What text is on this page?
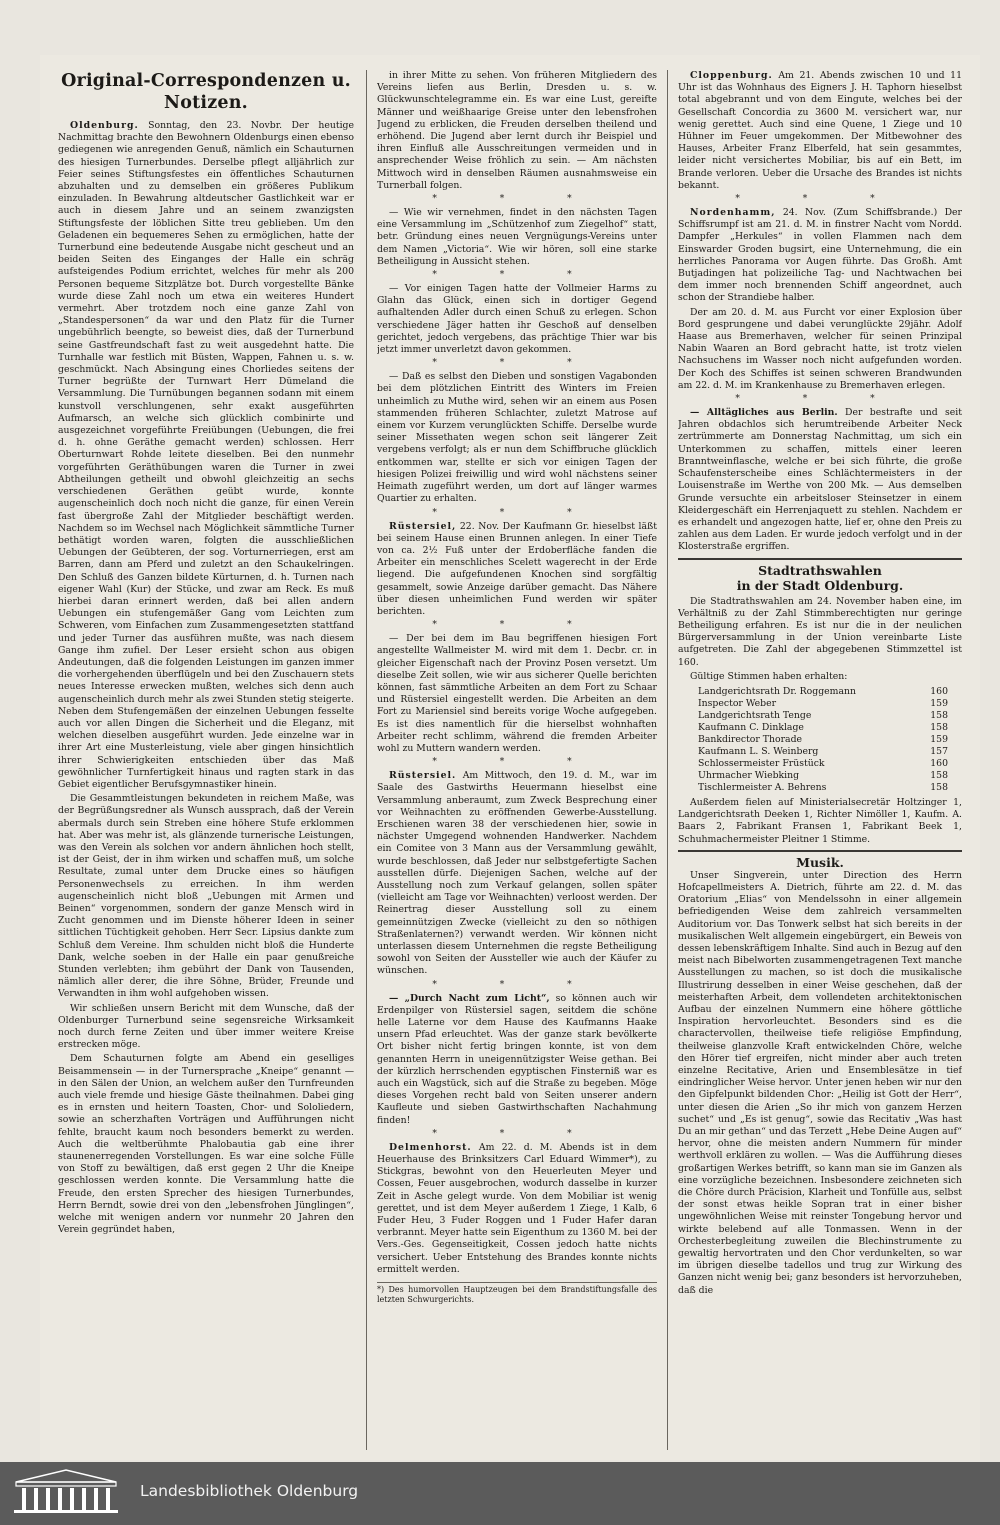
Original-Correspondenzen u. Notizen.

Oldenburg. Sonntag, den 23. Novbr. Der heutige Nachmittag brachte den Bewohnern Oldenburgs einen ebenso gediegenen wie anregenden Genuß, nämlich ein Schauturnen des hiesigen Turnerbundes. Derselbe pflegt alljährlich zur Feier seines Stiftungsfestes ein öffentliches Schauturnen abzuhalten und zu demselben ein größeres Publikum einzuladen. In Bewahrung altdeutscher Gastlichkeit war er auch in diesem Jahre und an seinem zwanzigsten Stiftungsfeste der löblichen Sitte treu geblieben. Um den Geladenen ein bequemeres Sehen zu ermöglichen, hatte der Turnerbund eine bedeutende Ausgabe nicht gescheut und an beiden Seiten des Einganges der Halle ein schräg aufsteigendes Podium errichtet, welches für mehr als 200 Personen bequeme Sitzplätze bot. Durch vorgestellte Bänke wurde diese Zahl noch um etwa ein weiteres Hundert vermehrt. Aber trotzdem noch eine ganze Zahl von „Standespersonen“ da war und den Platz für die Turner ungebührlich beengte, so beweist dies, daß der Turnerbund seine Gastfreundschaft fast zu weit ausgedehnt hatte. Die Turnhalle war festlich mit Büsten, Wappen, Fahnen u. s. w. geschmückt. Nach Absingung eines Chorliedes seitens der Turner begrüßte der Turnwart Herr Dümeland die Versammlung. Die Turnübungen begannen sodann mit einem kunstvoll verschlungenen, sehr exakt ausgeführten Aufmarsch, an welche sich glücklich combinirte und ausgezeichnet vorgeführte Freiübungen (Uebungen, die frei d. h. ohne Geräthe gemacht werden) schlossen. Herr Oberturnwart Rohde leitete dieselben. Bei den nunmehr vorgeführten Geräthübungen waren die Turner in zwei Abtheilungen getheilt und obwohl gleichzeitig an sechs verschiedenen Geräthen geübt wurde, konnte augenscheinlich doch noch nicht die ganze, für einen Verein fast übergroße Zahl der Mitglieder beschäftigt werden. Nachdem so im Wechsel nach Möglichkeit sämmtliche Turner bethätigt worden waren, folgten die ausschließlichen Uebungen der Geübteren, der sog. Vorturnerriegen, erst am Barren, dann am Pferd und zuletzt an den Schaukelringen. Den Schluß des Ganzen bildete Kürturnen, d. h. Turnen nach eigener Wahl (Kur) der Stücke, und zwar am Reck. Es muß hierbei daran erinnert werden, daß bei allen andern Uebungen ein stufengemäßer Gang vom Leichten zum Schweren, vom Einfachen zum Zusammengesetzten stattfand und jeder Turner das ausführen mußte, was nach diesem Gange ihm zufiel. Der Leser ersieht schon aus obigen Andeutungen, daß die folgenden Leistungen im ganzen immer die vorhergehenden überflügeln und bei den Zuschauern stets neues Interesse erwecken mußten, welches sich denn auch augenscheinlich durch mehr als zwei Stunden stetig steigerte. Neben dem Stufengemäßen der einzelnen Uebungen fesselte auch vor allen Dingen die Sicherheit und die Eleganz, mit welchen dieselben ausgeführt wurden. Jede einzelne war in ihrer Art eine Musterleistung, viele aber gingen hinsichtlich ihrer Schwierigkeiten entschieden über das Maß gewöhnlicher Turnfertigkeit hinaus und ragten stark in das Gebiet eigentlicher Berufsgymnastiker hinein.

Die Gesammtleistungen bekundeten in reichem Maße, was der Begrüßungsredner als Wunsch aussprach, daß der Verein abermals durch sein Streben eine höhere Stufe erklommen hat. Aber was mehr ist, als glänzende turnerische Leistungen, was den Verein als solchen vor andern ähnlichen hoch stellt, ist der Geist, der in ihm wirken und schaffen muß, um solche Resultate, zumal unter dem Drucke eines so häufigen Personenwechsels zu erreichen. In ihm werden augenscheinlich nicht bloß „Uebungen mit Armen und Beinen“ vorgenommen, sondern der ganze Mensch wird in Zucht genommen und im Dienste höherer Ideen in seiner sittlichen Tüchtigkeit gehoben. Herr Secr. Lipsius dankte zum Schluß dem Vereine. Ihm schulden nicht bloß die Hunderte Dank, welche soeben in der Halle ein paar genußreiche Stunden verlebten; ihm gebührt der Dank von Tausenden, nämlich aller derer, die ihre Söhne, Brüder, Freunde und Verwandten in ihm wohl aufgehoben wissen.

Wir schließen unsern Bericht mit dem Wunsche, daß der Oldenburger Turnerbund seine segensreiche Wirksamkeit noch durch ferne Zeiten und über immer weitere Kreise erstrecken möge.

Dem Schauturnen folgte am Abend ein geselliges Beisammensein — in der Turnersprache „Kneipe“ genannt — in den Sälen der Union, an welchem außer den Turnfreunden auch viele fremde und hiesige Gäste theilnahmen. Dabei ging es in ernsten und heitern Toasten, Chor- und Sololiedern, sowie an scherzhaften Vorträgen und Aufführungen nicht fehlte, braucht kaum noch besonders bemerkt zu werden. Auch die weltberühmte Phalobautia gab eine ihrer staunenerregenden Vorstellungen. Es war eine solche Fülle von Stoff zu bewältigen, daß erst gegen 2 Uhr die Kneipe geschlossen werden konnte. Die Versammlung hatte die Freude, den ersten Sprecher des hiesigen Turnerbundes, Herrn Berndt, sowie drei von den „lebensfrohen Jünglingen“, welche mit wenigen andern vor nunmehr 20 Jahren den Verein gegründet haben,

in ihrer Mitte zu sehen. Von früheren Mitgliedern des Vereins liefen aus Berlin, Dresden u. s. w. Glückwunschtelegramme ein. Es war eine Lust, gereifte Männer und weißhaarige Greise unter den lebensfrohen Jugend zu erblicken, die Freuden derselben theilend und erhöhend. Die Jugend aber lernt durch ihr Beispiel und ihren Einfluß alle Ausschreitungen vermeiden und in ansprechender Weise fröhlich zu sein. — Am nächsten Mittwoch wird in denselben Räumen ausnahmsweise ein Turnerball folgen.

* * *

— Wie wir vernehmen, findet in den nächsten Tagen eine Versammlung im „Schützenhof zum Ziegelhof“ statt, betr. Gründung eines neuen Vergnügungs-Vereins unter dem Namen „Victoria“. Wie wir hören, soll eine starke Betheiligung in Aussicht stehen.

* * *

— Vor einigen Tagen hatte der Vollmeier Harms zu Glahn das Glück, einen sich in dortiger Gegend aufhaltenden Adler durch einen Schuß zu erlegen. Schon verschiedene Jäger hatten ihr Geschoß auf denselben gerichtet, jedoch vergebens, das prächtige Thier war bis jetzt immer unverletzt davon gekommen.

* * *

— Daß es selbst den Dieben und sonstigen Vagabonden bei dem plötzlichen Eintritt des Winters im Freien unheimlich zu Muthe wird, sehen wir an einem aus Posen stammenden früheren Schlachter, zuletzt Matrose auf einem vor Kurzem verunglückten Schiffe. Derselbe wurde seiner Missethaten wegen schon seit längerer Zeit vergebens verfolgt; als er nun dem Schiffbruche glücklich entkommen war, stellte er sich vor einigen Tagen der hiesigen Polizei freiwillig und wird wohl nächstens seiner Heimath zugeführt werden, um dort auf länger warmes Quartier zu erhalten.

* * *

Rüstersiel, 22. Nov. Der Kaufmann Gr. hieselbst läßt bei seinem Hause einen Brunnen anlegen. In einer Tiefe von ca. 2½ Fuß unter der Erdoberfläche fanden die Arbeiter ein menschliches Scelett wagerecht in der Erde liegend. Die aufgefundenen Knochen sind sorgfältig gesammelt, sowie Anzeige darüber gemacht. Das Nähere über diesen unheimlichen Fund werden wir später berichten.

* * *

— Der bei dem im Bau begriffenen hiesigen Fort angestellte Wallmeister M. wird mit dem 1. Decbr. cr. in gleicher Eigenschaft nach der Provinz Posen versetzt. Um dieselbe Zeit sollen, wie wir aus sicherer Quelle berichten können, fast sämmtliche Arbeiten an dem Fort zu Schaar und Rüstersiel eingestellt werden. Die Arbeiten an dem Fort zu Mariensiel sind bereits vorige Woche aufgegeben. Es ist dies namentlich für die hierselbst wohnhaften Arbeiter recht schlimm, während die fremden Arbeiter wohl zu Muttern wandern werden.

* * *

Rüstersiel. Am Mittwoch, den 19. d. M., war im Saale des Gastwirths Heuermann hieselbst eine Versammlung anberaumt, zum Zweck Besprechung einer vor Weihnachten zu eröffnenden Gewerbe-Ausstellung. Erschienen waren 38 der verschiedenen hier, sowie in nächster Umgegend wohnenden Handwerker. Nachdem ein Comitee von 3 Mann aus der Versammlung gewählt, wurde beschlossen, daß Jeder nur selbstgefertigte Sachen ausstellen dürfe. Diejenigen Sachen, welche auf der Ausstellung noch zum Verkauf gelangen, sollen später (vielleicht am Tage vor Weihnachten) verloost werden. Der Reinertrag dieser Ausstellung soll zu einem gemeinnützigen Zwecke (vielleicht zu den so nöthigen Straßenlaternen?) verwandt werden. Wir können nicht unterlassen diesem Unternehmen die regste Betheiligung sowohl von Seiten der Aussteller wie auch der Käufer zu wünschen.

* * *

— „Durch Nacht zum Licht“, so können auch wir Erdenpilger von Rüstersiel sagen, seitdem die schöne helle Laterne vor dem Hause des Kaufmanns Haake unsern Pfad erleuchtet. Was der ganze stark bevölkerte Ort bisher nicht fertig bringen konnte, ist von dem genannten Herrn in uneigennützigster Weise gethan. Bei der kürzlich herrschenden egyptischen Finsterniß war es auch ein Wagstück, sich auf die Straße zu begeben. Möge dieses Vorgehen recht bald von Seiten unserer andern Kaufleute und sieben Gastwirthschaften Nachahmung finden!

* * *

Delmenhorst. Am 22. d. M. Abends ist in dem Heuerhause des Brinksitzers Carl Eduard Wimmer*), zu Stickgras, bewohnt von den Heuerleuten Meyer und Cossen, Feuer ausgebrochen, wodurch dasselbe in kurzer Zeit in Asche gelegt wurde. Von dem Mobiliar ist wenig gerettet, und ist dem Meyer außerdem 1 Ziege, 1 Kalb, 6 Fuder Heu, 3 Fuder Roggen und 1 Fuder Hafer daran verbrannt. Meyer hatte sein Eigenthum zu 1360 M. bei der Vers.-Ges. Gegenseitigkeit, Cossen jedoch hatte nichts versichert. Ueber Entstehung des Brandes konnte nichts ermittelt werden.

*) Des humorvollen Hauptzeugen bei dem Brandstiftungsfalle des letzten Schwurgerichts.

Cloppenburg. Am 21. Abends zwischen 10 und 11 Uhr ist das Wohnhaus des Eigners J. H. Taphorn hieselbst total abgebrannt und von dem Eingute, welches bei der Gesellschaft Concordia zu 3600 M. versichert war, nur wenig gerettet. Auch sind eine Quene, 1 Ziege und 10 Hühner im Feuer umgekommen. Der Mitbewohner des Hauses, Arbeiter Franz Elberfeld, hat sein gesammtes, leider nicht versichertes Mobiliar, bis auf ein Bett, im Brande verloren. Ueber die Ursache des Brandes ist nichts bekannt.

* * *

Nordenhamm, 24. Nov. (Zum Schiffsbrande.) Der Schiffsrumpf ist am 21. d. M. in finstrer Nacht vom Nordd. Dampfer „Herkules“ in vollen Flammen nach dem Einswarder Groden bugsirt, eine Unternehmung, die ein herrliches Panorama vor Augen führte. Das Großh. Amt Butjadingen hat polizeiliche Tag- und Nachtwachen bei dem immer noch brennenden Schiff angeordnet, auch schon der Strandiebe halber.

Der am 20. d. M. aus Furcht vor einer Explosion über Bord gesprungene und dabei verunglückte 29jähr. Adolf Haase aus Bremerhaven, welcher für seinen Prinzipal Nabin Waaren an Bord gebracht hatte, ist trotz vielen Nachsuchens im Wasser noch nicht aufgefunden worden. Der Koch des Schiffes ist seinen schweren Brandwunden am 22. d. M. im Krankenhause zu Bremerhaven erlegen.

* * *

— Alltägliches aus Berlin. Der bestrafte und seit Jahren obdachlos sich herumtreibende Arbeiter Neck zertrümmerte am Donnerstag Nachmittag, um sich ein Unterkommen zu schaffen, mittels einer leeren Branntweinflasche, welche er bei sich führte, die große Schaufensterscheibe eines Schlächtermeisters in der Louisenstraße im Werthe von 200 Mk. — Aus demselben Grunde versuchte ein arbeitsloser Steinsetzer in einem Kleidergeschäft ein Herrenjaquett zu stehlen. Nachdem er es erhandelt und angezogen hatte, lief er, ohne den Preis zu zahlen aus dem Laden. Er wurde jedoch verfolgt und in der Klosterstraße ergriffen.

Stadtrathswahlen
in der Stadt Oldenburg.

Die Stadtrathswahlen am 24. November haben eine, im Verhältniß zu der Zahl Stimmberechtigten nur geringe Betheiligung erfahren. Es ist nur die in der neulichen Bürgerversammlung in der Union vereinbarte Liste aufgetreten. Die Zahl der abgegebenen Stimmzettel ist 160.

Gültige Stimmen haben erhalten:

Landgerichtsrath Dr. Roggemann	160
Inspector Weber	159
Landgerichtsrath Tenge	158
Kaufmann C. Dinklage	158
Bankdirector Thorade	159
Kaufmann L. S. Weinberg	157
Schlossermeister Früstück	160
Uhrmacher Wiebking	158
Tischlermeister A. Behrens	158

Außerdem fielen auf Ministerialsecretär Holtzinger 1, Landgerichtsrath Deeken 1, Richter Nimöller 1, Kaufm. A. Baars 2, Fabrikant Fransen 1, Fabrikant Beek 1, Schuhmachermeister Pleitner 1 Stimme.

Musik.

Unser Singverein, unter Direction des Herrn Hofcapellmeisters A. Dietrich, führte am 22. d. M. das Oratorium „Elias“ von Mendelssohn in einer allgemein befriedigenden Weise dem zahlreich versammelten Auditorium vor. Das Tonwerk selbst hat sich bereits in der musikalischen Welt allgemein eingebürgert, ein Beweis von dessen lebenskräftigem Inhalte. Sind auch in Bezug auf den meist nach Bibelworten zusammengetragenen Text manche Ausstellungen zu machen, so ist doch die musikalische Illustrirung desselben in einer Weise geschehen, daß der meisterhaften Arbeit, dem vollendeten architektonischen Aufbau der einzelnen Nummern eine höhere göttliche Inspiration hervorleuchtet. Besonders sind es die charactervollen, theilweise tiefe religiöse Empfindung, theilweise glanzvolle Kraft entwickelnden Chöre, welche den Hörer tief ergreifen, nicht minder aber auch treten einzelne Recitative, Arien und Ensemblesätze in tief eindringlicher Weise hervor. Unter jenen heben wir nur den den Gipfelpunkt bildenden Chor: „Heilig ist Gott der Herr“, unter diesen die Arien „So ihr mich von ganzem Herzen suchet“ und „Es ist genug“, sowie das Recitativ „Was hast Du an mir gethan“ und das Terzett „Hebe Deine Augen auf“ hervor, ohne die meisten andern Nummern für minder werthvoll erklären zu wollen. — Was die Aufführung dieses großartigen Werkes betrifft, so kann man sie im Ganzen als eine vorzügliche bezeichnen. Insbesondere zeichneten sich die Chöre durch Präcision, Klarheit und Tonfülle aus, selbst der sonst etwas heikle Sopran trat in einer bisher ungewöhnlichen Weise mit reinster Tongebung hervor und wirkte belebend auf alle Tonmassen. Wenn in der Orchesterbegleitung zuweilen die Blechinstrumente zu gewaltig hervortraten und den Chor verdunkelten, so war im übrigen dieselbe tadellos und trug zur Wirkung des Ganzen nicht wenig bei; ganz besonders ist hervorzuheben, daß die

Landesbibliothek Oldenburg
